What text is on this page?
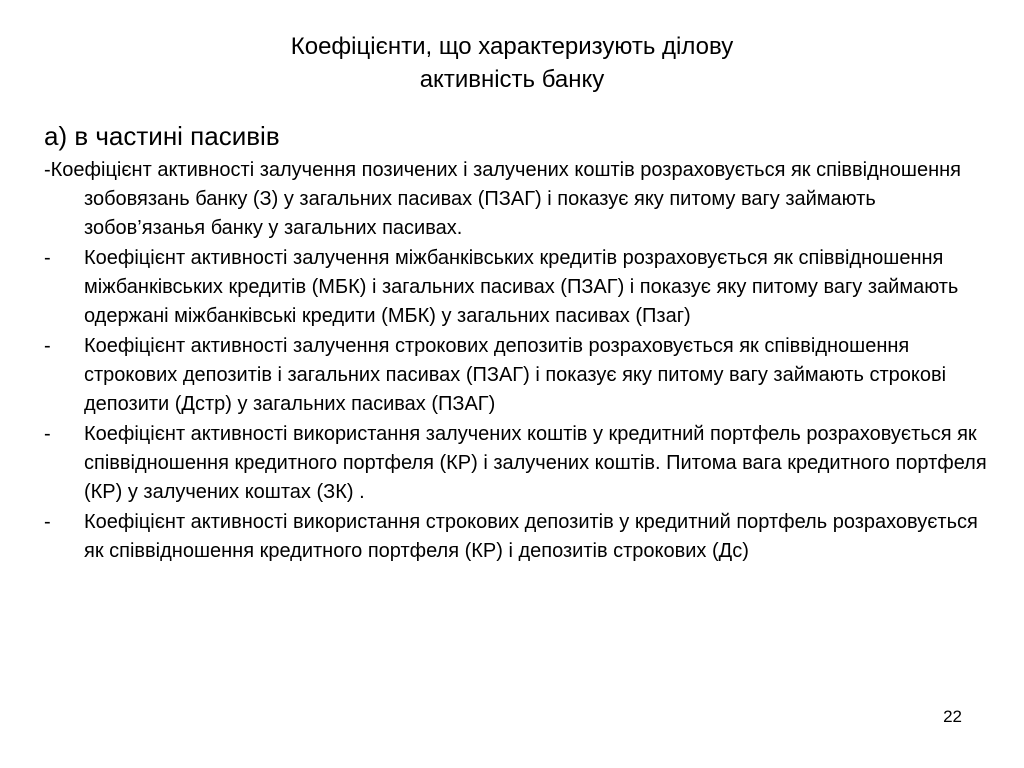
Коефіцієнти, що характеризують ділову
активність банку
а) в частині пасивів
-Коефіцієнт активності залучення позичених і залучених коштів розраховується як співвідношення зобовязань банку (З) у загальних пасивах (ПЗАГ) і показує яку питому вагу займають зобов’язанья банку у загальних пасивах.
- Коефіцієнт активності залучення міжбанківських кредитів розраховується як співвідношення міжбанківських кредитів (МБК) і загальних пасивах (ПЗАГ) і показує яку питому вагу займають одержані міжбанківські кредити (МБК) у загальних пасивах (Пзаг)
- Коефіцієнт активності залучення строкових депозитів розраховується як співвідношення строкових депозитів і загальних пасивах (ПЗАГ) і показує яку питому вагу займають строкові депозити (Дстр) у загальних пасивах (ПЗАГ)
- Коефіцієнт активності використання залучених коштів у кредитний портфель розраховується як співвідношення кредитного портфеля (КР) і залучених коштів. Питома вага кредитного портфеля (КР) у залучених коштах (ЗК) .
- Коефіцієнт активності використання строкових депозитів у кредитний портфель розраховується як співвідношення кредитного портфеля (КР) і депозитів строкових (Дс)
22
